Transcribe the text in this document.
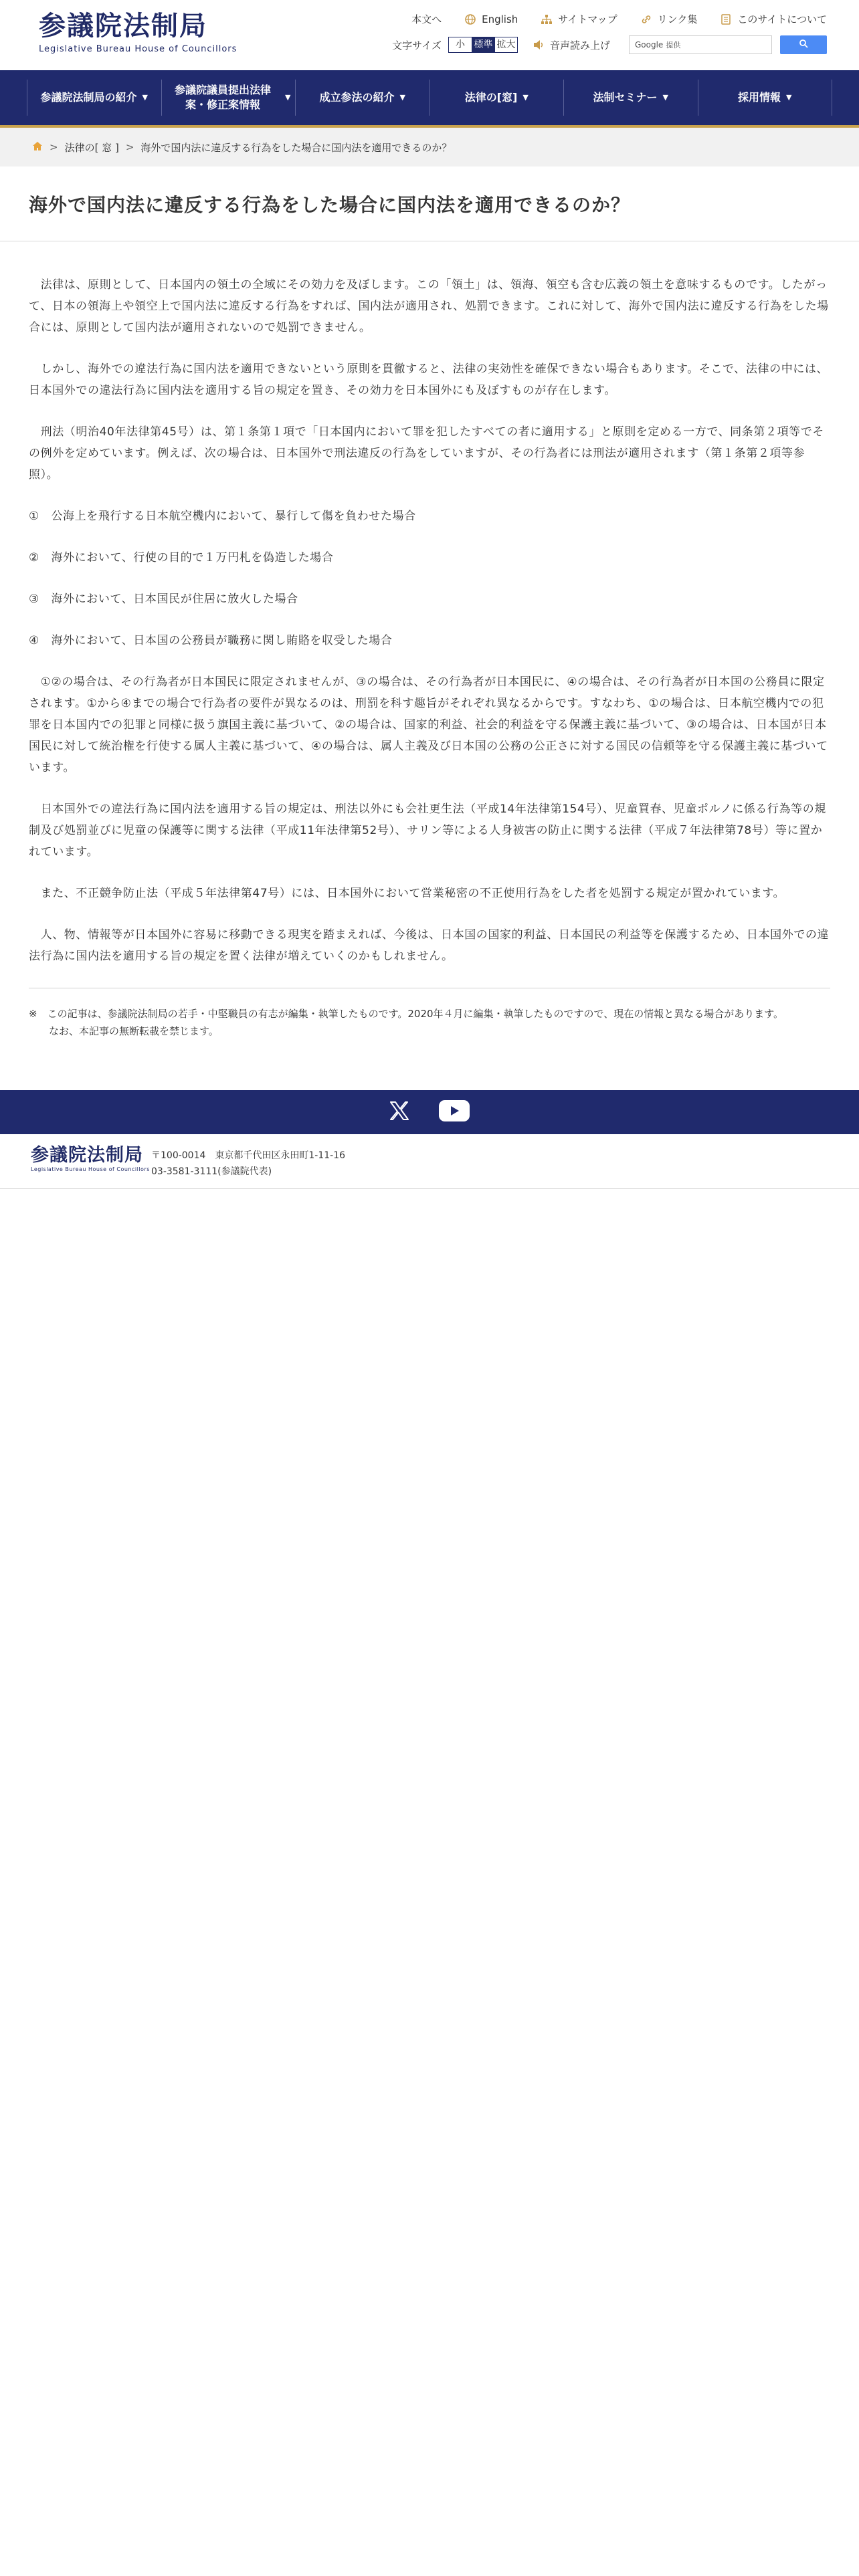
参議院法制局
Legislative Bureau House of Councillors
本文へ	English	サイトマップ	リンク集	このサイトについて
文字サイズ	小 標準 拡大	音声読み上げ	Google 提供
参議院法制局の紹介 ▼
参議院議員提出法律案・修正案情報
▼	成立参法の紹介 ▼	法律の[窓] ▼	法制セミナー ▼	採用情報 ▼
> 法律の[ 窓 ] > 海外で国内法に違反する行為をした場合に国内法を適用できるのか？
海外で国内法に違反する行為をした場合に国内法を適用できるのか？

　法律は、原則として、日本国内の領土の全域にその効力を及ぼします。この「領土」は、領海、領空も含む広義の領土を意味するものです。したがって、日本の領海上や領空上で国内法に違反する行為をすれば、国内法が適用され、処罰できます。これに対して、海外で国内法に違反する行為をした場合には、原則として国内法が適用されないので処罰できません。

　しかし、海外での違法行為に国内法を適用できないという原則を貫徹すると、法律の実効性を確保できない場合もあります。そこで、法律の中には、日本国外での違法行為に国内法を適用する旨の規定を置き、その効力を日本国外にも及ぼすものが存在します。

　刑法（明治40年法律第45号）は、第１条第１項で「日本国内において罪を犯したすべての者に適用する」と原則を定める一方で、同条第２項等でその例外を定めています。例えば、次の場合は、日本国外で刑法違反の行為をしていますが、その行為者には刑法が適用されます（第１条第２項等参照）。

①　公海上を飛行する日本航空機内において、暴行して傷を負わせた場合
②　海外において、行使の目的で１万円札を偽造した場合
③　海外において、日本国民が住居に放火した場合
④　海外において、日本国の公務員が職務に関し賄賂を収受した場合

　①②の場合は、その行為者が日本国民に限定されませんが、③の場合は、その行為者が日本国民に、④の場合は、その行為者が日本国の公務員に限定されます。①から④までの場合で行為者の要件が異なるのは、刑罰を科す趣旨がそれぞれ異なるからです。すなわち、①の場合は、日本航空機内での犯罪を日本国内での犯罪と同様に扱う旗国主義に基づいて、②の場合は、国家的利益、社会的利益を守る保護主義に基づいて、③の場合は、日本国が日本国民に対して統治権を行使する属人主義に基づいて、④の場合は、属人主義及び日本国の公務の公正さに対する国民の信頼等を守る保護主義に基づいています。

　日本国外での違法行為に国内法を適用する旨の規定は、刑法以外にも会社更生法（平成14年法律第154号）、児童買春、児童ポルノに係る行為等の規制及び処罰並びに児童の保護等に関する法律（平成11年法律第52号）、サリン等による人身被害の防止に関する法律（平成７年法律第78号）等に置かれています。

　また、不正競争防止法（平成５年法律第47号）には、日本国外において営業秘密の不正使用行為をした者を処罰する規定が置かれています。

　人、物、情報等が日本国外に容易に移動できる現実を踏まえれば、今後は、日本国の国家的利益、日本国民の利益等を保護するため、日本国外での違法行為に国内法を適用する旨の規定を置く法律が増えていくのかもしれません。

※　この記事は、参議院法制局の若手・中堅職員の有志が編集・執筆したものです。2020年４月に編集・執筆したものですので、現在の情報と異なる場合があります。
なお、本記事の無断転載を禁じます。
参議院法制局
Legislative Bureau House of Councillors
〒100-0014　東京都千代田区永田町1-11-16
03-3581-3111(参議院代表)
